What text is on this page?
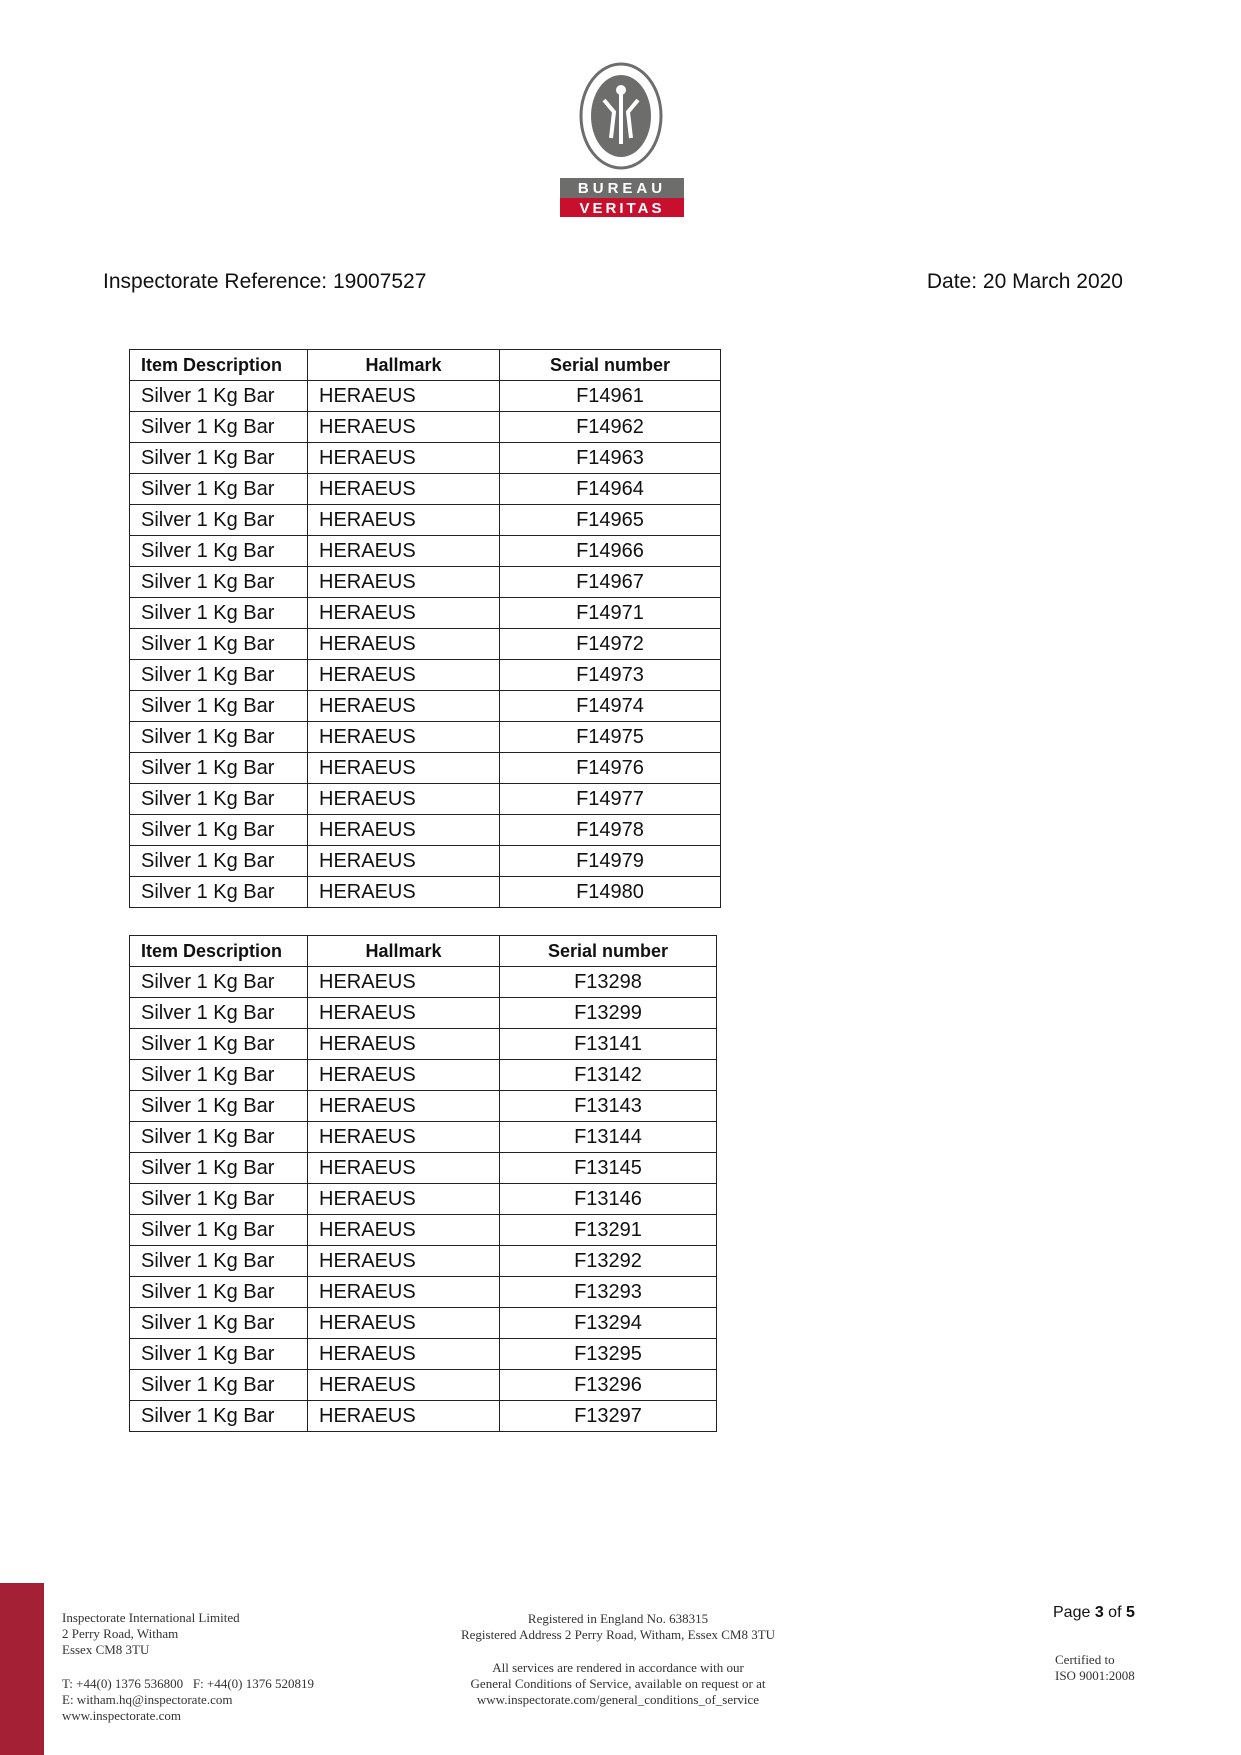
BUREAU
VERITAS
Inspectorate Reference: 19007527	Date: 20 March 2020
Item Description	Hallmark	Serial number
Silver 1 Kg Bar	HERAEUS	F14961
Silver 1 Kg Bar	HERAEUS	F14962
Silver 1 Kg Bar	HERAEUS	F14963
Silver 1 Kg Bar	HERAEUS	F14964
Silver 1 Kg Bar	HERAEUS	F14965
Silver 1 Kg Bar	HERAEUS	F14966
Silver 1 Kg Bar	HERAEUS	F14967
Silver 1 Kg Bar	HERAEUS	F14971
Silver 1 Kg Bar	HERAEUS	F14972
Silver 1 Kg Bar	HERAEUS	F14973
Silver 1 Kg Bar	HERAEUS	F14974
Silver 1 Kg Bar	HERAEUS	F14975
Silver 1 Kg Bar	HERAEUS	F14976
Silver 1 Kg Bar	HERAEUS	F14977
Silver 1 Kg Bar	HERAEUS	F14978
Silver 1 Kg Bar	HERAEUS	F14979
Silver 1 Kg Bar	HERAEUS	F14980
Item Description	Hallmark	Serial number
Silver 1 Kg Bar	HERAEUS	F13298
Silver 1 Kg Bar	HERAEUS	F13299
Silver 1 Kg Bar	HERAEUS	F13141
Silver 1 Kg Bar	HERAEUS	F13142
Silver 1 Kg Bar	HERAEUS	F13143
Silver 1 Kg Bar	HERAEUS	F13144
Silver 1 Kg Bar	HERAEUS	F13145
Silver 1 Kg Bar	HERAEUS	F13146
Silver 1 Kg Bar	HERAEUS	F13291
Silver 1 Kg Bar	HERAEUS	F13292
Silver 1 Kg Bar	HERAEUS	F13293
Silver 1 Kg Bar	HERAEUS	F13294
Silver 1 Kg Bar	HERAEUS	F13295
Silver 1 Kg Bar	HERAEUS	F13296
Silver 1 Kg Bar	HERAEUS	F13297
Inspectorate International Limited
2 Perry Road, Witham
Essex CM8 3TU
T: +44(0) 1376 536800   F: +44(0) 1376 520819
E: witham.hq@inspectorate.com
www.inspectorate.com
Registered in England No. 638315
Registered Address 2 Perry Road, Witham, Essex CM8 3TU
All services are rendered in accordance with our
General Conditions of Service, available on request or at
www.inspectorate.com/general_conditions_of_service
Page 3 of 5
Certified to
ISO 9001:2008
